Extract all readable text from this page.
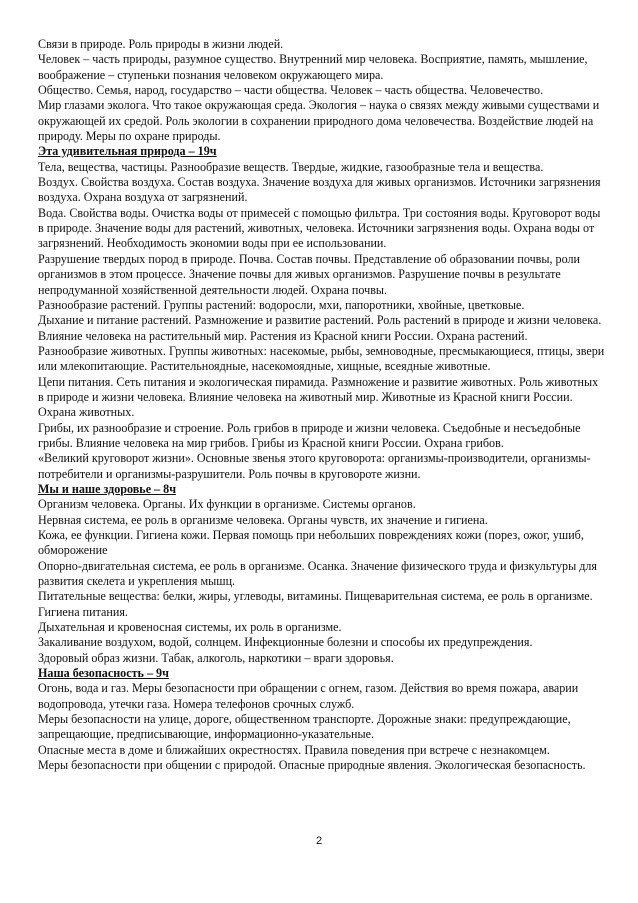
Связи в природе. Роль природы в жизни людей.

Человек – часть природы, разумное существо. Внутренний мир человека. Восприятие, память, мышление, воображение – ступеньки познания человеком окружающего мира.

Общество. Семья, народ, государство – части общества. Человек – часть общества. Человечество.

Мир глазами эколога. Что такое окружающая среда. Экология – наука о связях между живыми существами и окружающей их средой. Роль экологии в сохранении природного дома человечества. Воздействие людей на природу. Меры по охране природы.

Эта удивительная природа – 19ч

Тела, вещества, частицы. Разнообразие веществ. Твердые, жидкие, газообразные тела и вещества.

Воздух. Свойства воздуха. Состав воздуха. Значение воздуха для живых организмов. Источники загрязнения воздуха. Охрана воздуха от загрязнений.

Вода. Свойства воды. Очистка воды от примесей с помощью фильтра. Три состояния воды. Круговорот воды в природе. Значение воды для растений, животных, человека. Источники загрязнения воды. Охрана воды от загрязнений. Необходимость экономии воды при ее использовании.

Разрушение твердых пород в природе. Почва. Состав почвы. Представление об образовании почвы, роли организмов в этом процессе. Значение почвы для живых организмов. Разрушение почвы в результате непродуманной хозяйственной деятельности людей. Охрана почвы.

Разнообразие растений. Группы растений: водоросли, мхи, папоротники, хвойные, цветковые.

Дыхание и питание растений. Размножение и развитие растений. Роль растений в природе и жизни человека. Влияние человека на растительный мир. Растения из Красной книги России. Охрана растений.

Разнообразие животных. Группы животных: насекомые, рыбы, земноводные, пресмыкающиеся, птицы, звери или млекопитающие. Растительноядные, насекомоядные, хищные, всеядные животные.

Цепи питания. Сеть питания и экологическая пирамида. Размножение и развитие животных. Роль животных в природе и жизни человека. Влияние человека на животный мир. Животные из Красной книги России. Охрана животных.

Грибы, их разнообразие и строение. Роль грибов в природе и жизни человека. Съедобные и несъедобные грибы. Влияние человека на мир грибов. Грибы из Красной книги России. Охрана грибов.

«Великий круговорот жизни». Основные звенья этого круговорота: организмы-производители, организмы-потребители и организмы-разрушители. Роль почвы в круговороте жизни.

Мы и наше здоровье – 8ч

Организм человека. Органы. Их функции в организме. Системы органов.

Нервная система, ее роль в организме человека. Органы чувств, их значение и гигиена.

Кожа, ее функции. Гигиена кожи. Первая помощь при небольших повреждениях кожи (порез, ожог, ушиб, обморожение

Опорно-двигательная система, ее роль в организме. Осанка. Значение физического труда и физкультуры для развития скелета и укрепления мышц.

Питательные вещества: белки, жиры, углеводы, витамины. Пищеварительная система, ее роль в организме. Гигиена питания.

Дыхательная и кровеносная системы, их роль в организме.

Закаливание воздухом, водой, солнцем. Инфекционные болезни и способы их предупреждения.

Здоровый образ жизни. Табак, алкоголь, наркотики – враги здоровья.

Наша безопасность – 9ч

Огонь, вода и газ. Меры безопасности при обращении с огнем, газом. Действия во время пожара, аварии водопровода, утечки газа. Номера телефонов срочных служб.

Меры безопасности на улице, дороге, общественном транспорте. Дорожные знаки: предупреждающие, запрещающие, предписывающие, информационно-указательные.

Опасные места в доме и ближайших окрестностях. Правила поведения при встрече с незнакомцем.

Меры безопасности при общении с природой. Опасные природные явления. Экологическая безопасность.

2
